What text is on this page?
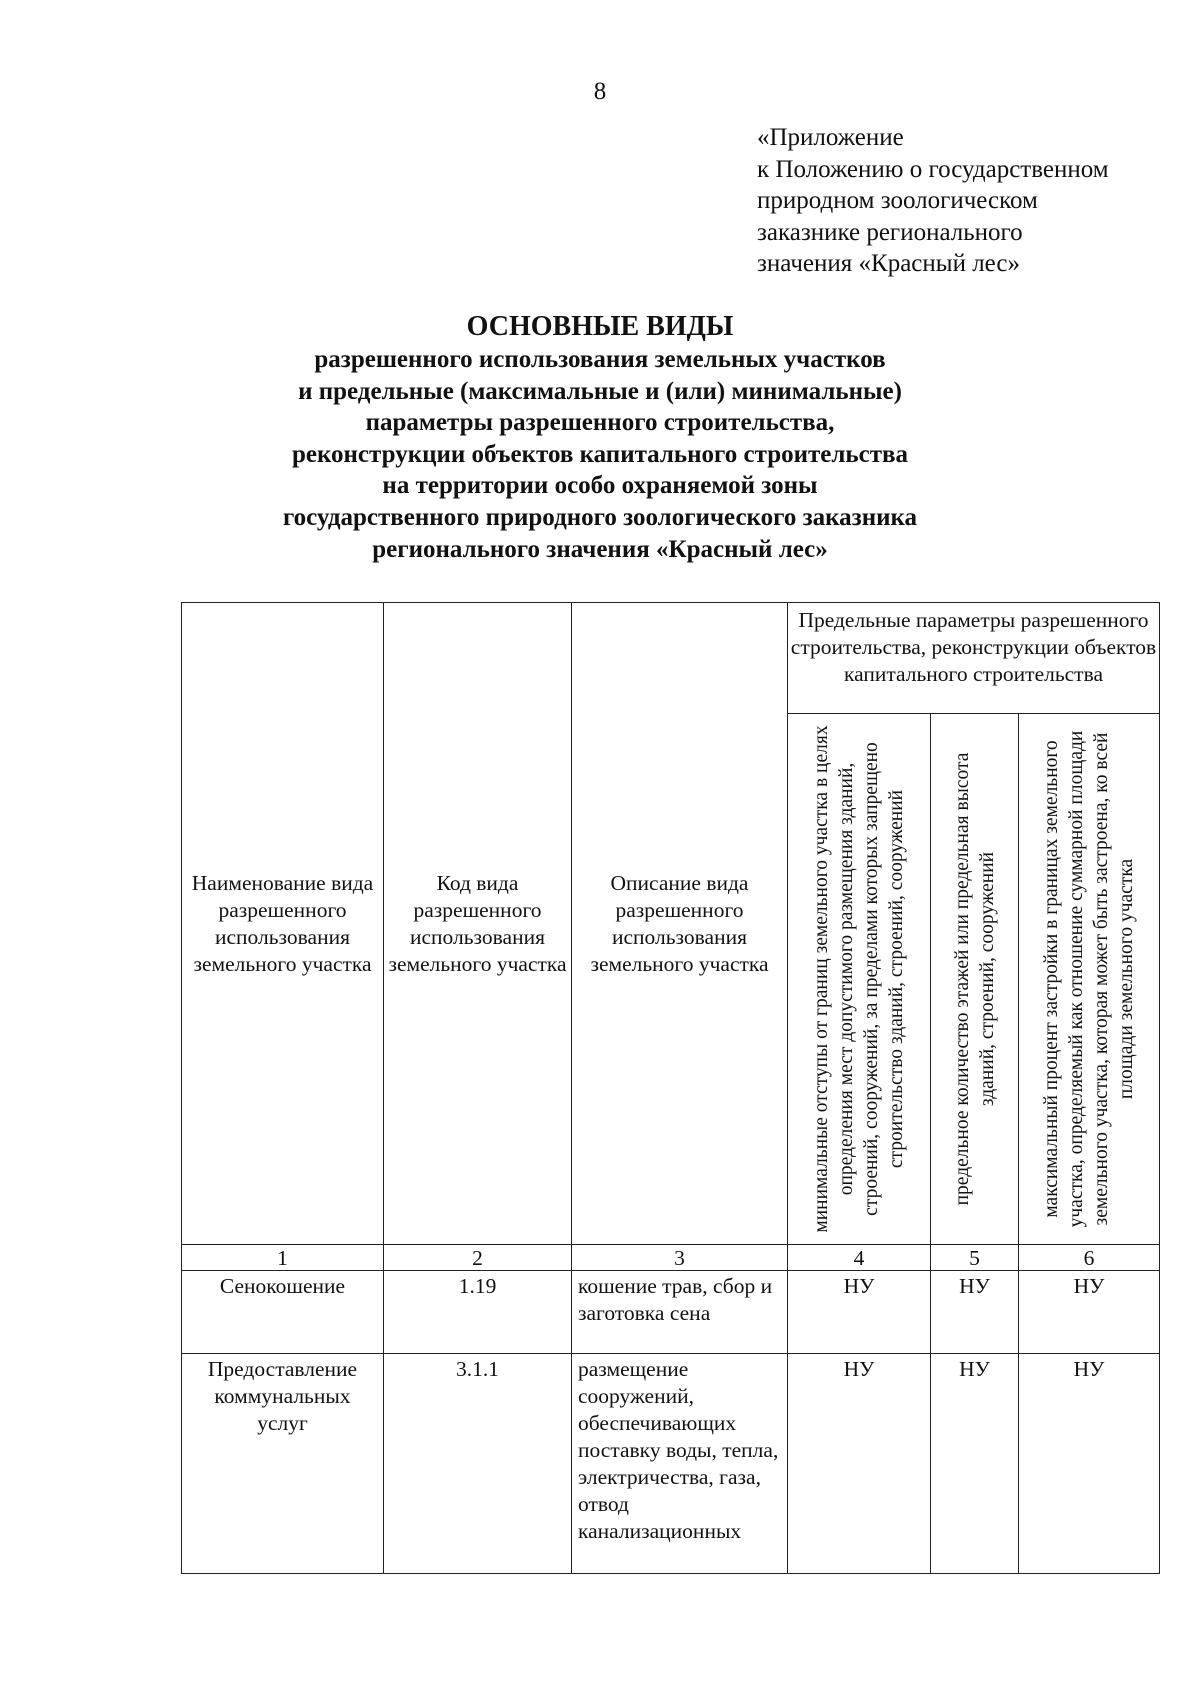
8
«Приложение
к Положению о государственном
природном зоологическом
заказнике регионального
значения «Красный лес»
ОСНОВНЫЕ ВИДЫ
разрешенного использования земельных участков
и предельные (максимальные и (или) минимальные)
параметры разрешенного строительства,
реконструкции объектов капитального строительства
на территории особо охраняемой зоны
государственного природного зоологического заказника
регионального значения «Красный лес»
Наименование вида разрешенного использования земельного участка	Код вида разрешенного использования земельного участка	Описание вида разрешенного использования земельного участка	Предельные параметры разрешенного строительства, реконструкции объектов капитального строительства		

			минимальные отступы от границ земельного участка в целях определения мест допустимого размещения зданий, строений, сооружений, за пределами которых запрещено строительство зданий, строений, сооружений	предельное количество этажей или предельная высота зданий, строений, сооружений	максимальный процент застройки в границах земельного участка, определяемый как отношение суммарной площади земельного участка, которая может быть застроена, ко всей площади земельного участка

1	2	3	4	5	6
Сенокошение	1.19	кошение трав, сбор и заготовка сена	НУ	НУ	НУ
Предоставление коммунальных услуг	3.1.1	размещение сооружений, обеспечивающих поставку воды, тепла, электричества, газа, отвод канализационных	НУ	НУ	НУ
